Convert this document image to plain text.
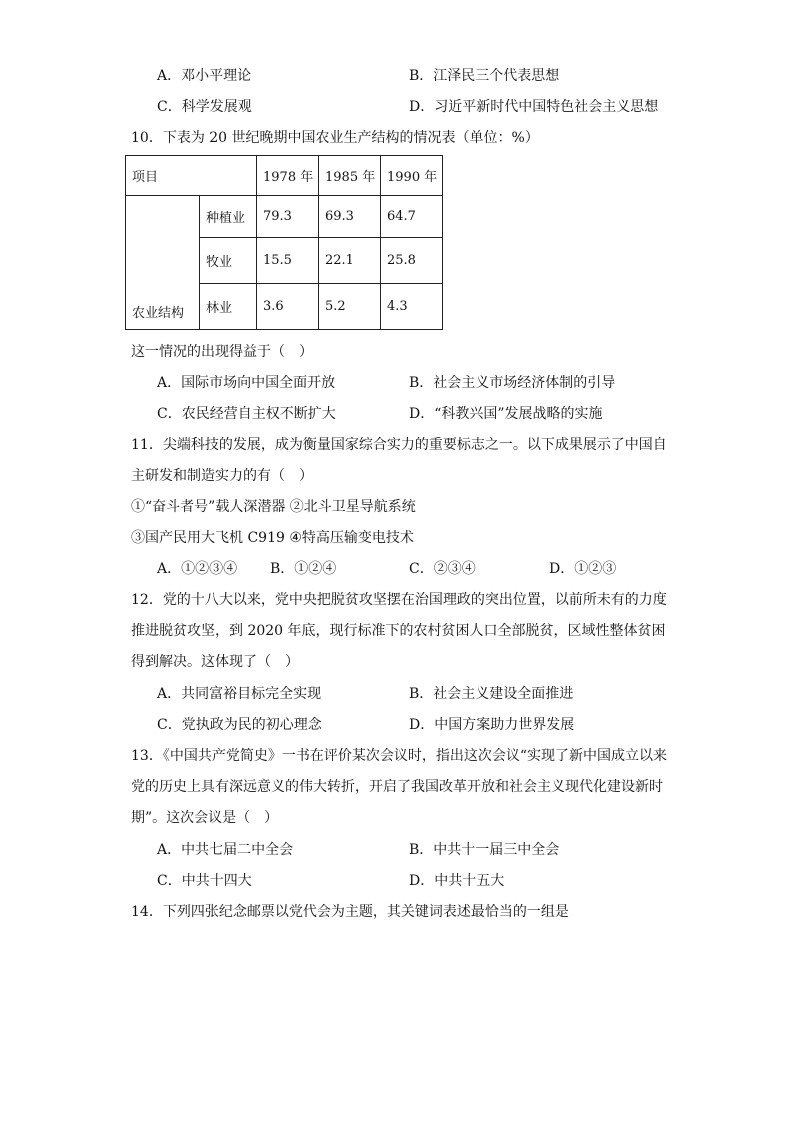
A．邓小平理论	B．江泽民三个代表思想
C．科学发展观	D．习近平新时代中国特色社会主义思想
10．下表为 20 世纪晚期中国农业生产结构的情况表（单位：%）
项目		1978 年	1985 年	1990 年
农业结构	种植业	79.3	69.3	64.7
	牧业	15.5	22.1	25.8
	林业	3.6	5.2	4.3
这一情况的出现得益于（　）
A．国际市场向中国全面开放	B．社会主义市场经济体制的引导
C．农民经营自主权不断扩大	D．“科教兴国”发展战略的实施
11．尖端科技的发展，成为衡量国家综合实力的重要标志之一。以下成果展示了中国自
主研发和制造实力的有（　）
①“奋斗者号”载人深潜器 ②北斗卫星导航系统
③国产民用大飞机 C919 ④特高压输变电技术
A．①②③④ B．①②④	C．②③④	D．①②③
12．党的十八大以来，党中央把脱贫攻坚摆在治国理政的突出位置，以前所未有的力度
推进脱贫攻坚，到 2020 年底，现行标准下的农村贫困人口全部脱贫，区域性整体贫困
得到解决。这体现了（　）
A．共同富裕目标完全实现	B．社会主义建设全面推进
C．党执政为民的初心理念	D．中国方案助力世界发展
13．《中国共产党简史》一书在评价某次会议时，指出这次会议“实现了新中国成立以来
党的历史上具有深远意义的伟大转折，开启了我国改革开放和社会主义现代化建设新时
期”。这次会议是（　）
A．中共七届二中全会	B．中共十一届三中全会
C．中共十四大	D．中共十五大
14．下列四张纪念邮票以党代会为主题，其关键词表述最恰当的一组是
